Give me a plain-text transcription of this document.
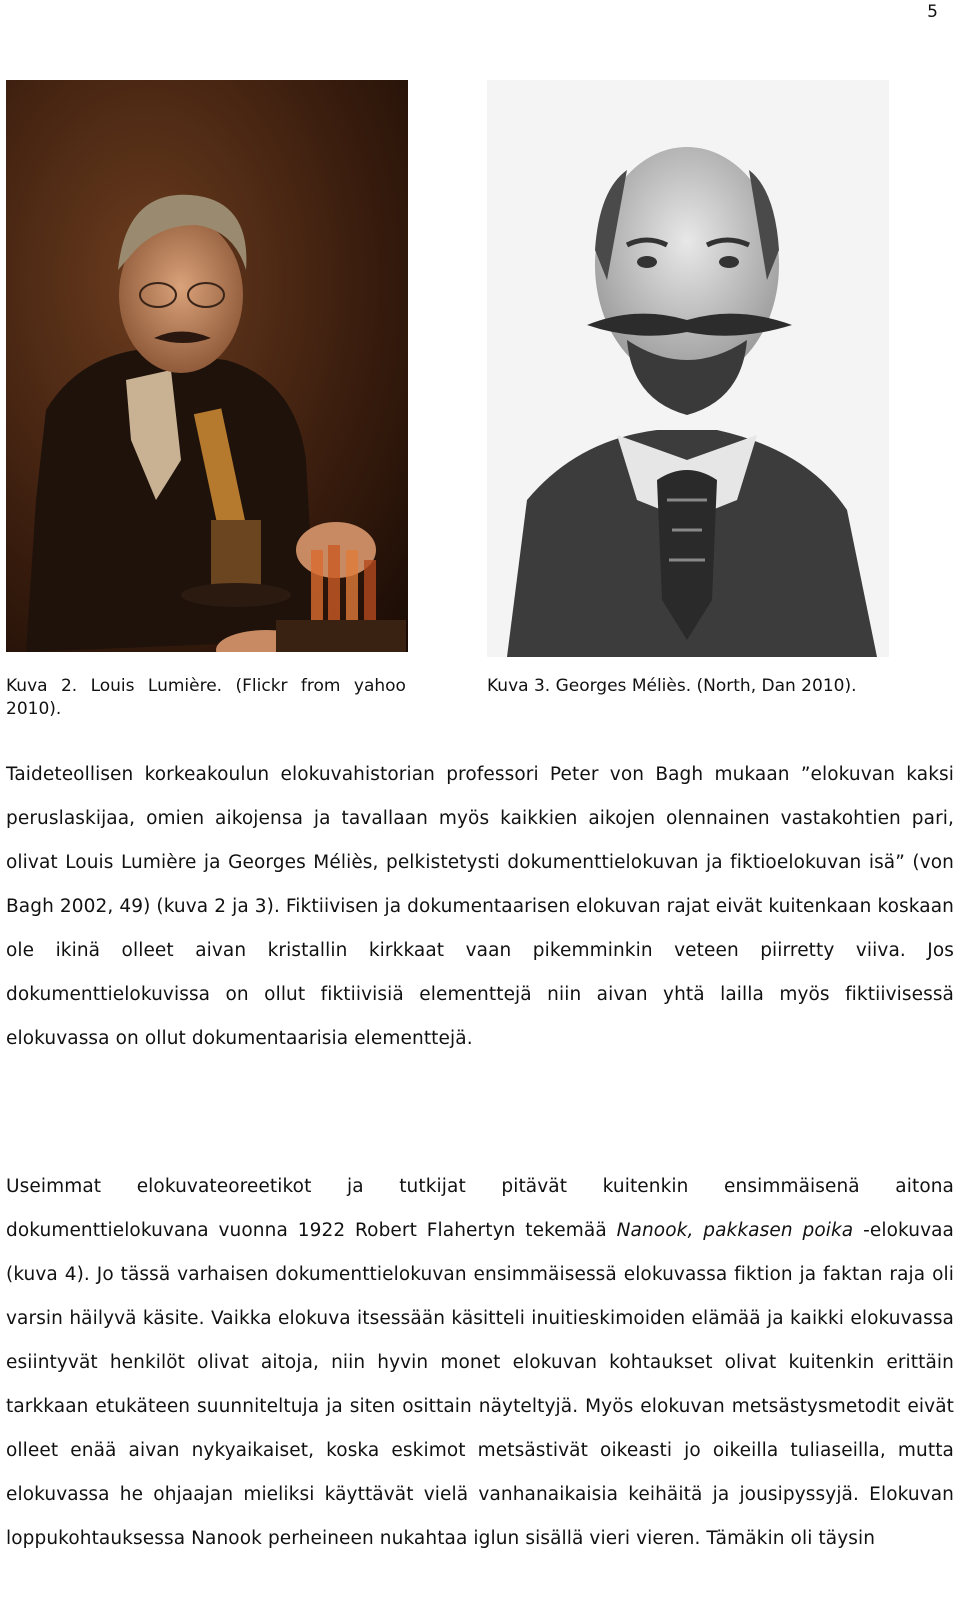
5
Kuva 2. Louis Lumière. (Flickr from yahoo
2010).
Kuva 3. Georges Méliès. (North, Dan 2010).

Taideteollisen korkeakoulun elokuvahistorian professori Peter von Bagh mukaan ”elokuvan kaksi peruslaskijaa, omien aikojensa ja tavallaan myös kaikkien aikojen olennainen vastakohtien pari, olivat Louis Lumière ja Georges Méliès, pelkistetysti dokumenttielokuvan ja fiktioelokuvan isä” (von Bagh 2002, 49) (kuva 2 ja 3). Fiktiivisen ja dokumentaarisen elokuvan rajat eivät kuitenkaan koskaan ole ikinä olleet aivan kristallin kirkkaat vaan pikemminkin veteen piirretty viiva. Jos dokumenttielokuvissa on ollut fiktiivisiä elementtejä niin aivan yhtä lailla myös fiktiivisessä elokuvassa on ollut dokumentaarisia elementtejä.

Useimmat elokuvateoreetikot ja tutkijat pitävät kuitenkin ensimmäisenä aitona dokumenttielokuvana vuonna 1922 Robert Flahertyn tekemää Nanook, pakkasen poika -elokuvaa (kuva 4). Jo tässä varhaisen dokumenttielokuvan ensimmäisessä elokuvassa fiktion ja faktan raja oli varsin häilyvä käsite. Vaikka elokuva itsessään käsitteli inuitieskimoiden elämää ja kaikki elokuvassa esiintyvät henkilöt olivat aitoja, niin hyvin monet elokuvan kohtaukset olivat kuitenkin erittäin tarkkaan etukäteen suunniteltuja ja siten osittain näyteltyjä. Myös elokuvan metsästysmetodit eivät olleet enää aivan nykyaikaiset, koska eskimot metsästivät oikeasti jo oikeilla tuliaseilla, mutta elokuvassa he ohjaajan mieliksi käyttävät vielä vanhanaikaisia keihäitä ja jousipyssyjä. Elokuvan loppukohtauksessa Nanook perheineen nukahtaa iglun sisällä vieri vieren. Tämäkin oli täysin
